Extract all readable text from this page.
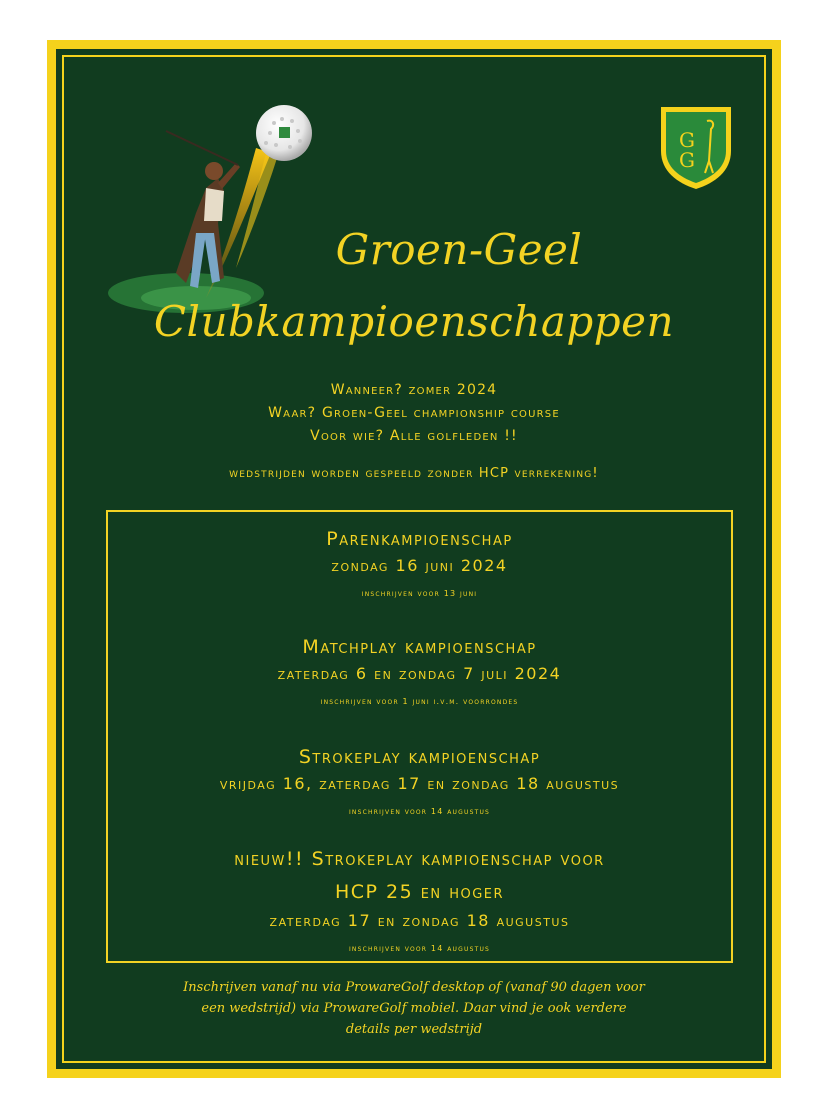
G
G
Groen-Geel
Clubkampioenschappen
Wanneer? zomer 2024
Waar? Groen-Geel championship course
Voor wie? Alle golfleden !!
wedstrijden worden gespeeld zonder HCP verrekening!
Parenkampioenschap
zondag 16 juni 2024
inschrijven voor 13 juni
Matchplay kampioenschap
zaterdag 6 en zondag 7 juli 2024
inschrijven voor 1 juni i.v.m. voorrondes
Strokeplay kampioenschap
vrijdag 16, zaterdag 17 en zondag 18 augustus
inschrijven voor 14 augustus
nieuw!! Strokeplay kampioenschap voor
HCP 25 en hoger
zaterdag 17 en zondag 18 augustus
inschrijven voor 14 augustus
Inschrijven vanaf nu via ProwareGolf desktop of (vanaf 90 dagen voor
een wedstrijd) via ProwareGolf mobiel. Daar vind je ook verdere
details per wedstrijd
